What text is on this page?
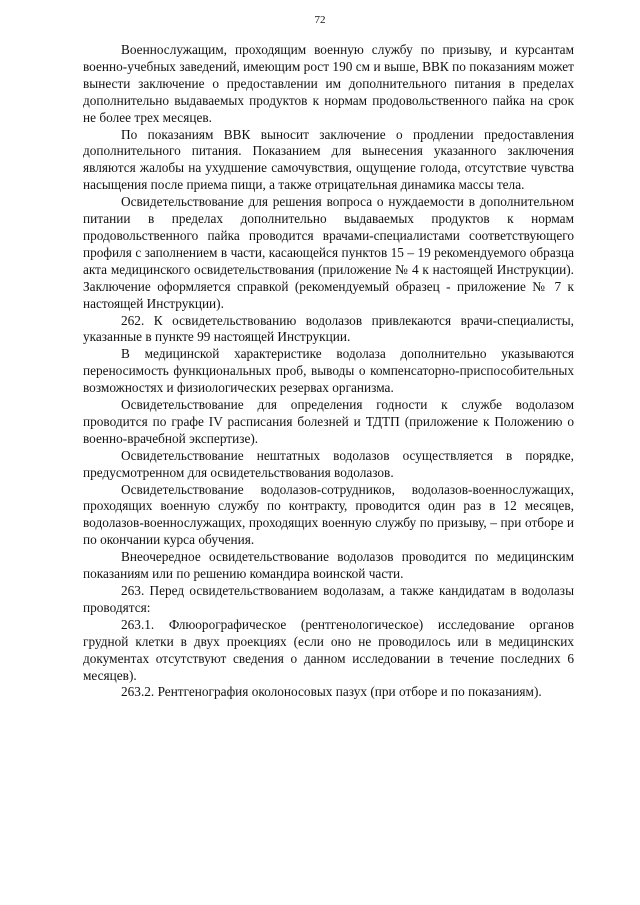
72

Военнослужащим, проходящим военную службу по призыву, и курсантам военно-учебных заведений, имеющим рост 190 см и выше, ВВК по показаниям может вынести заключение о предоставлении им дополнительного питания в пределах дополнительно выдаваемых продуктов к нормам продовольственного пайка на срок не более трех месяцев.

По показаниям ВВК выносит заключение о продлении предоставления дополнительного питания. Показанием для вынесения указанного заключения являются жалобы на ухудшение самочувствия, ощущение голода, отсутствие чувства насыщения после приема пищи, а также отрицательная динамика массы тела.

Освидетельствование для решения вопроса о нуждаемости в дополнительном питании в пределах дополнительно выдаваемых продуктов к нормам продовольственного пайка проводится врачами-специалистами соответствующего профиля с заполнением в части, касающейся пунктов 15 – 19 рекомендуемого образца акта медицинского освидетельствования (приложение № 4 к настоящей Инструкции). Заключение оформляется справкой (рекомендуемый образец - приложение № 7 к настоящей Инструкции).

262. К освидетельствованию водолазов привлекаются врачи-специалисты, указанные в пункте 99 настоящей Инструкции.

В медицинской характеристике водолаза дополнительно указываются переносимость функциональных проб, выводы о компенсаторно-приспособительных возможностях и физиологических резервах организма.

Освидетельствование для определения годности к службе водолазом проводится по графе IV расписания болезней и ТДТП (приложение к Положению о военно-врачебной экспертизе).

Освидетельствование нештатных водолазов осуществляется в порядке, предусмотренном для освидетельствования водолазов.

Освидетельствование водолазов-сотрудников, водолазов-военнослужащих, проходящих военную службу по контракту, проводится один раз в 12 месяцев, водолазов-военнослужащих, проходящих военную службу по призыву, – при отборе и по окончании курса обучения.

Внеочередное освидетельствование водолазов проводится по медицинским показаниям или по решению командира воинской части.

263. Перед освидетельствованием водолазам, а также кандидатам в водолазы проводятся:

263.1. Флюорографическое (рентгенологическое) исследование органов грудной клетки в двух проекциях (если оно не проводилось или в медицинских документах отсутствуют сведения о данном исследовании в течение последних 6 месяцев).

263.2. Рентгенография околоносовых пазух (при отборе и по показаниям).
